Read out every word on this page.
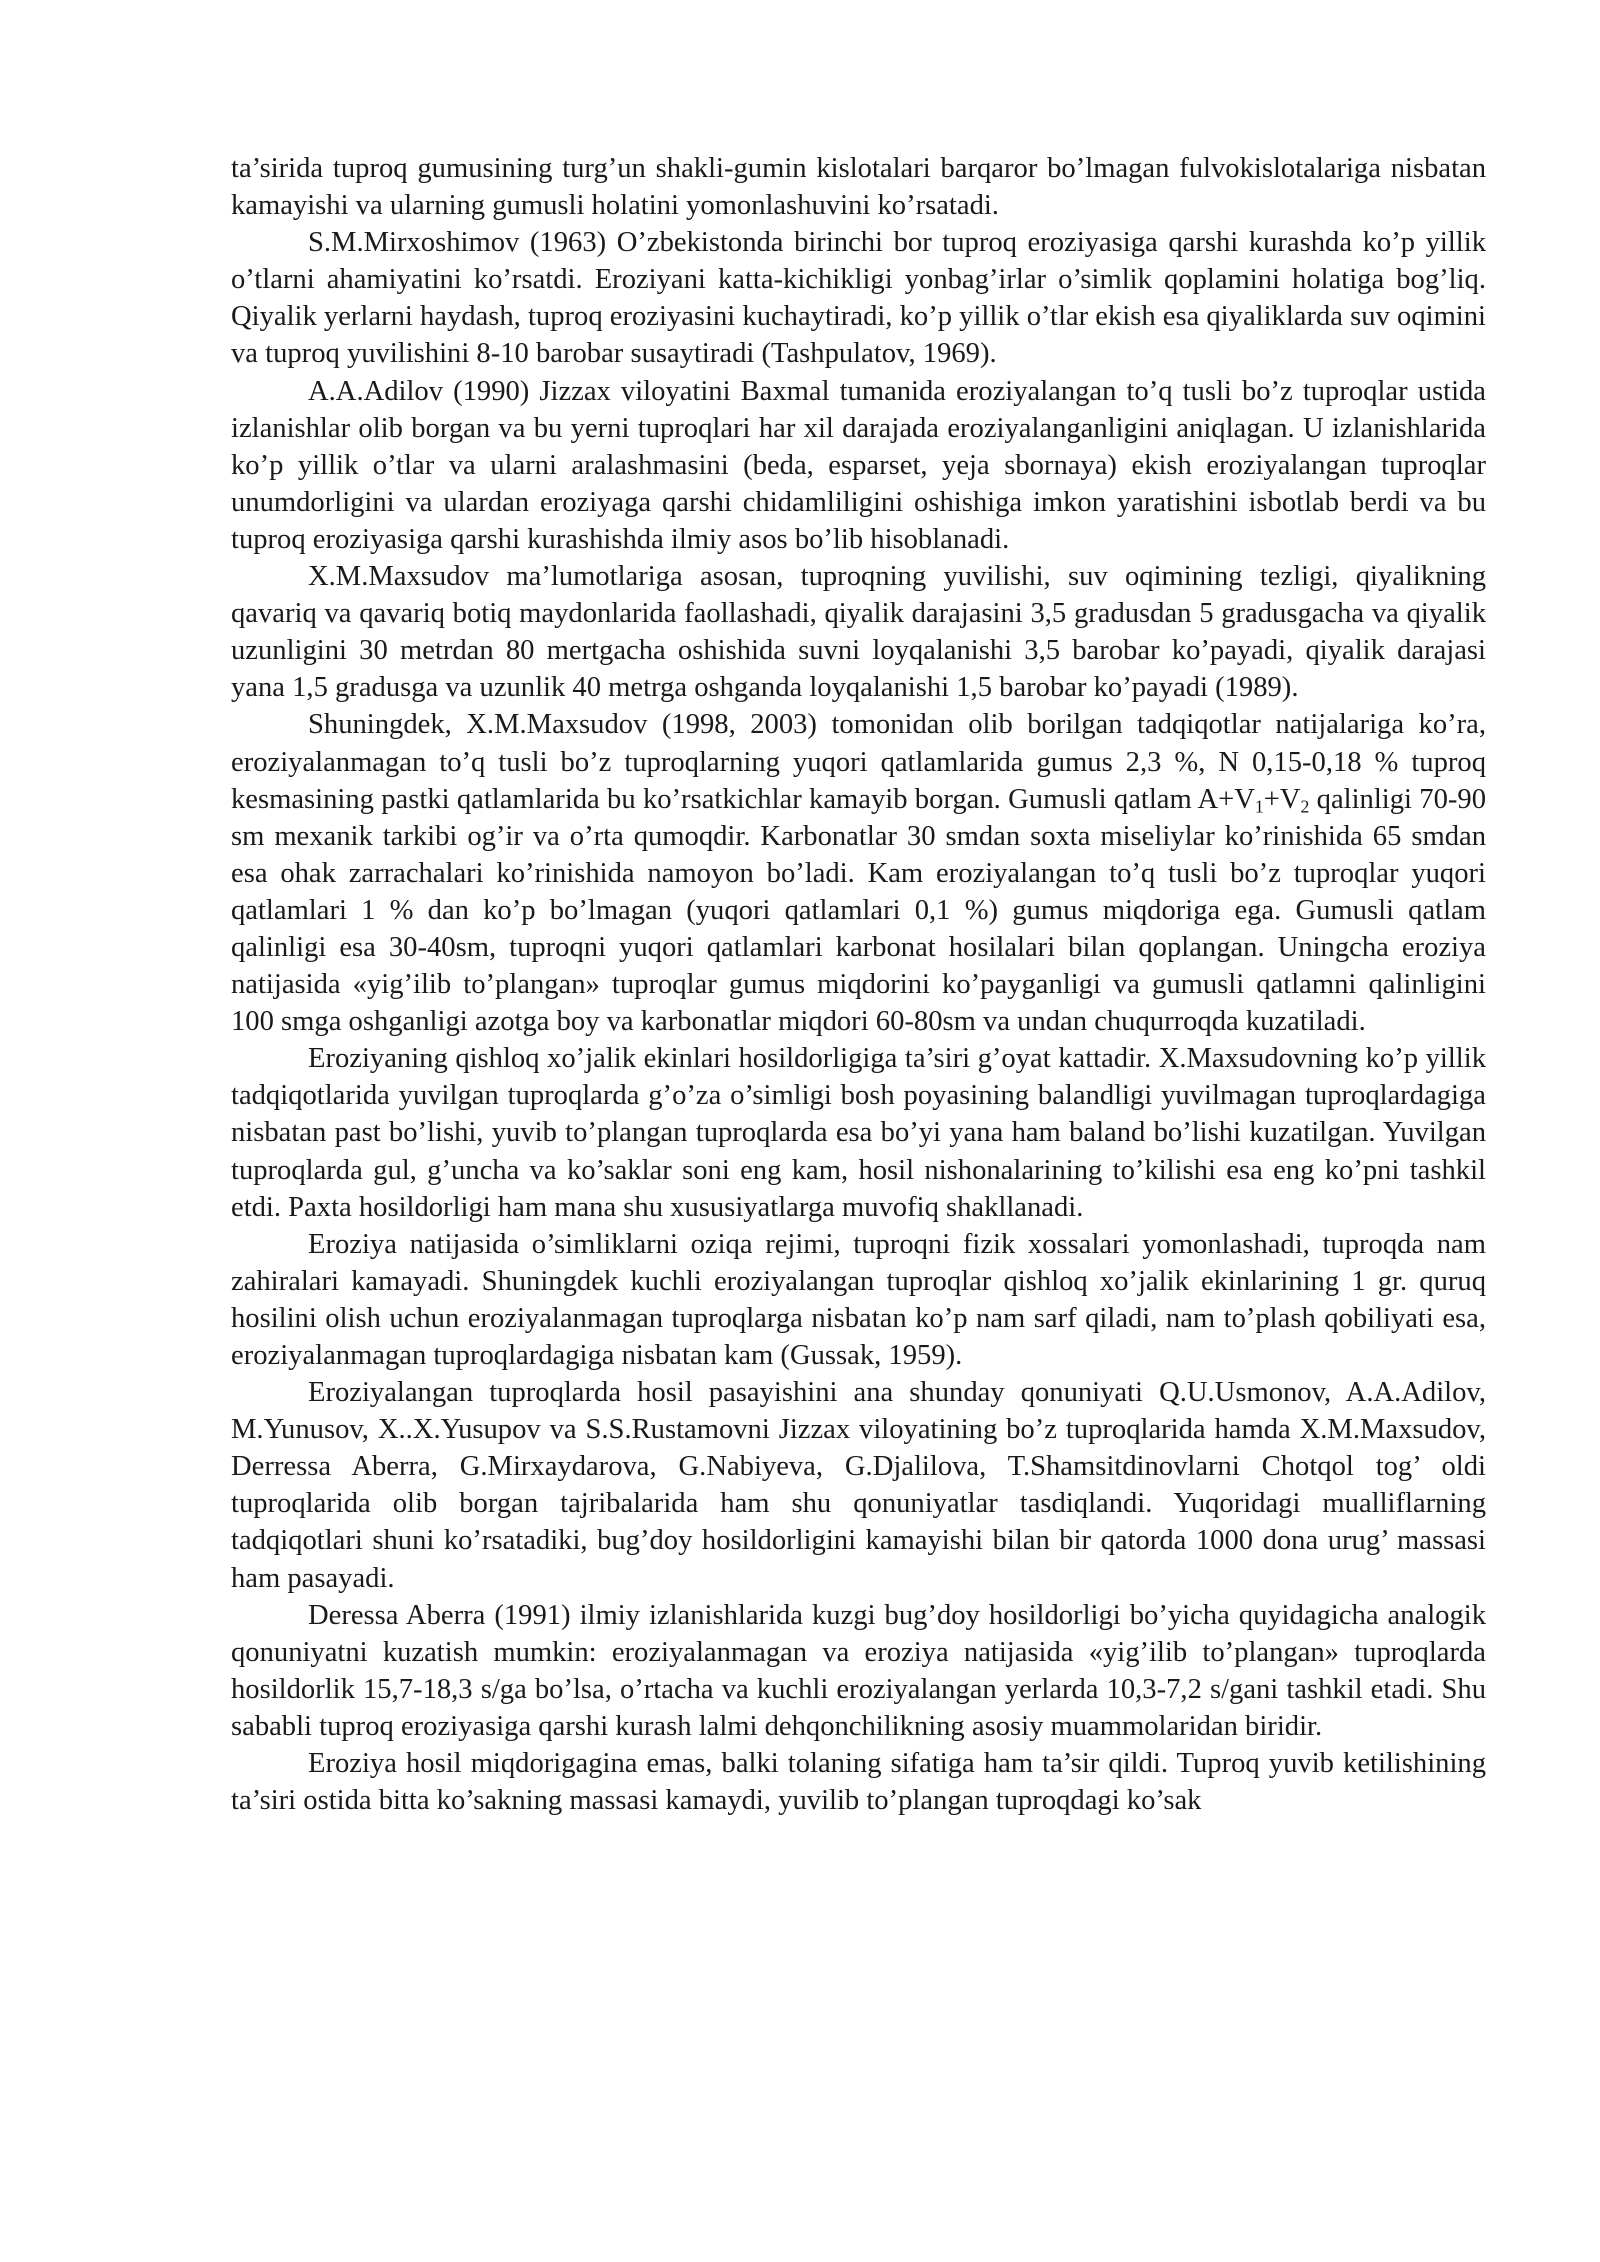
ta’sirida tuproq gumusining turg’un shakli-gumin kislotalari barqaror bo’lmagan fulvokislotalariga nisbatan kamayishi va ularning gumusli holatini yomonlashuvini ko’rsatadi.

S.M.Mirxoshimov (1963) O’zbekistonda birinchi bor tuproq eroziyasiga qarshi kurashda ko’p yillik o’tlarni ahamiyatini ko’rsatdi. Eroziyani katta-kichikligi yonbag’irlar o’simlik qoplamini holatiga bog’liq. Qiyalik yerlarni haydash, tuproq eroziyasini kuchaytiradi, ko’p yillik o’tlar ekish esa qiyaliklarda suv oqimini va tuproq yuvilishini 8-10 barobar susaytiradi (Tashpulatov, 1969).

A.A.Adilov (1990) Jizzax viloyatini Baxmal tumanida eroziyalangan to’q tusli bo’z tuproqlar ustida izlanishlar olib borgan va bu yerni tuproqlari har xil darajada eroziyalanganligini aniqlagan. U izlanishlarida ko’p yillik o’tlar va ularni aralashmasini (beda, esparset, yeja sbornaya) ekish eroziyalangan tuproqlar unumdorligini va ulardan eroziyaga qarshi chidamliligini oshishiga imkon yaratishini isbotlab berdi va bu tuproq eroziyasiga qarshi kurashishda ilmiy asos bo’lib hisoblanadi.

X.M.Maxsudov ma’lumotlariga asosan, tuproqning yuvilishi, suv oqimining tezligi, qiyalikning qavariq va qavariq botiq maydonlarida faollashadi, qiyalik darajasini 3,5 gradusdan 5 gradusgacha va qiyalik uzunligini 30 metrdan 80 mertgacha oshishida suvni loyqalanishi 3,5 barobar ko’payadi, qiyalik darajasi yana 1,5 gradusga va uzunlik 40 metrga oshganda loyqalanishi 1,5 barobar ko’payadi (1989).

Shuningdek, X.M.Maxsudov (1998, 2003) tomonidan olib borilgan tadqiqotlar natijalariga ko’ra, eroziyalanmagan to’q tusli bo’z tuproqlarning yuqori qatlamlarida gumus 2,3 %, N 0,15-0,18 % tuproq kesmasining pastki qatlamlarida bu ko’rsatkichlar kamayib borgan. Gumusli qatlam $A+V_1+V_2$ qalinligi 70-90 sm mexanik tarkibi og’ir va o’rta qumoqdir. Karbonatlar 30 smdan soxta miseliylar ko’rinishida 65 smdan esa ohak zarrachalari ko’rinishida namoyon bo’ladi. Kam eroziyalangan to’q tusli bo’z tuproqlar yuqori qatlamlari 1 % dan ko’p bo’lmagan (yuqori qatlamlari 0,1 %) gumus miqdoriga ega. Gumusli qatlam qalinligi esa 30-40sm, tuproqni yuqori qatlamlari karbonat hosilalari bilan qoplangan. Uningcha eroziya natijasida «yig’ilib to’plangan» tuproqlar gumus miqdorini ko’payganligi va gumusli qatlamni qalinligini 100 smga oshganligi azotga boy va karbonatlar miqdori 60-80sm va undan chuqurroqda kuzatiladi.

Eroziyaning qishloq xo’jalik ekinlari hosildorligiga ta’siri g’oyat kattadir. X.Maxsudovning ko’p yillik tadqiqotlarida yuvilgan tuproqlarda g’o’za o’simligi bosh poyasining balandligi yuvilmagan tuproqlardagiga nisbatan past bo’lishi, yuvib to’plangan tuproqlarda esa bo’yi yana ham baland bo’lishi kuzatilgan. Yuvilgan tuproqlarda gul, g’uncha va ko’saklar soni eng kam, hosil nishonalarining to’kilishi esa eng ko’pni tashkil etdi. Paxta hosildorligi ham mana shu xususiyatlarga muvofiq shakllanadi.

Eroziya natijasida o’simliklarni oziqa rejimi, tuproqni fizik xossalari yomonlashadi, tuproqda nam zahiralari kamayadi. Shuningdek kuchli eroziyalangan tuproqlar qishloq xo’jalik ekinlarining 1 gr. quruq hosilini olish uchun eroziyalanmagan tuproqlarga nisbatan ko’p nam sarf qiladi, nam to’plash qobiliyati esa, eroziyalanmagan tuproqlardagiga nisbatan kam (Gussak, 1959).

Eroziyalangan tuproqlarda hosil pasayishini ana shunday qonuniyati Q.U.Usmonov, A.A.Adilov, M.Yunusov, X..X.Yusupov va S.S.Rustamovni Jizzax viloyatining bo’z tuproqlarida hamda X.M.Maxsudov, Derressa Aberra, G.Mirxaydarova, G.Nabiyeva, G.Djalilova, T.Shamsitdinovlarni Chotqol tog’ oldi tuproqlarida olib borgan tajribalarida ham shu qonuniyatlar tasdiqlandi. Yuqoridagi mualliflarning tadqiqotlari shuni ko’rsatadiki, bug’doy hosildorligini kamayishi bilan bir qatorda 1000 dona urug’ massasi ham pasayadi.

Deressa Aberra (1991) ilmiy izlanishlarida kuzgi bug’doy hosildorligi bo’yicha quyidagicha analogik qonuniyatni kuzatish mumkin: eroziyalanmagan va eroziya natijasida «yig’ilib to’plangan» tuproqlarda hosildorlik 15,7-18,3 s/ga bo’lsa, o’rtacha va kuchli eroziyalangan yerlarda 10,3-7,2 s/gani tashkil etadi. Shu sababli tuproq eroziyasiga qarshi kurash lalmi dehqonchilikning asosiy muammolaridan biridir.

Eroziya hosil miqdorigagina emas, balki tolaning sifatiga ham ta’sir qildi. Tuproq yuvib ketilishining ta’siri ostida bitta ko’sakning massasi kamaydi, yuvilib to’plangan tuproqdagi ko’sak
